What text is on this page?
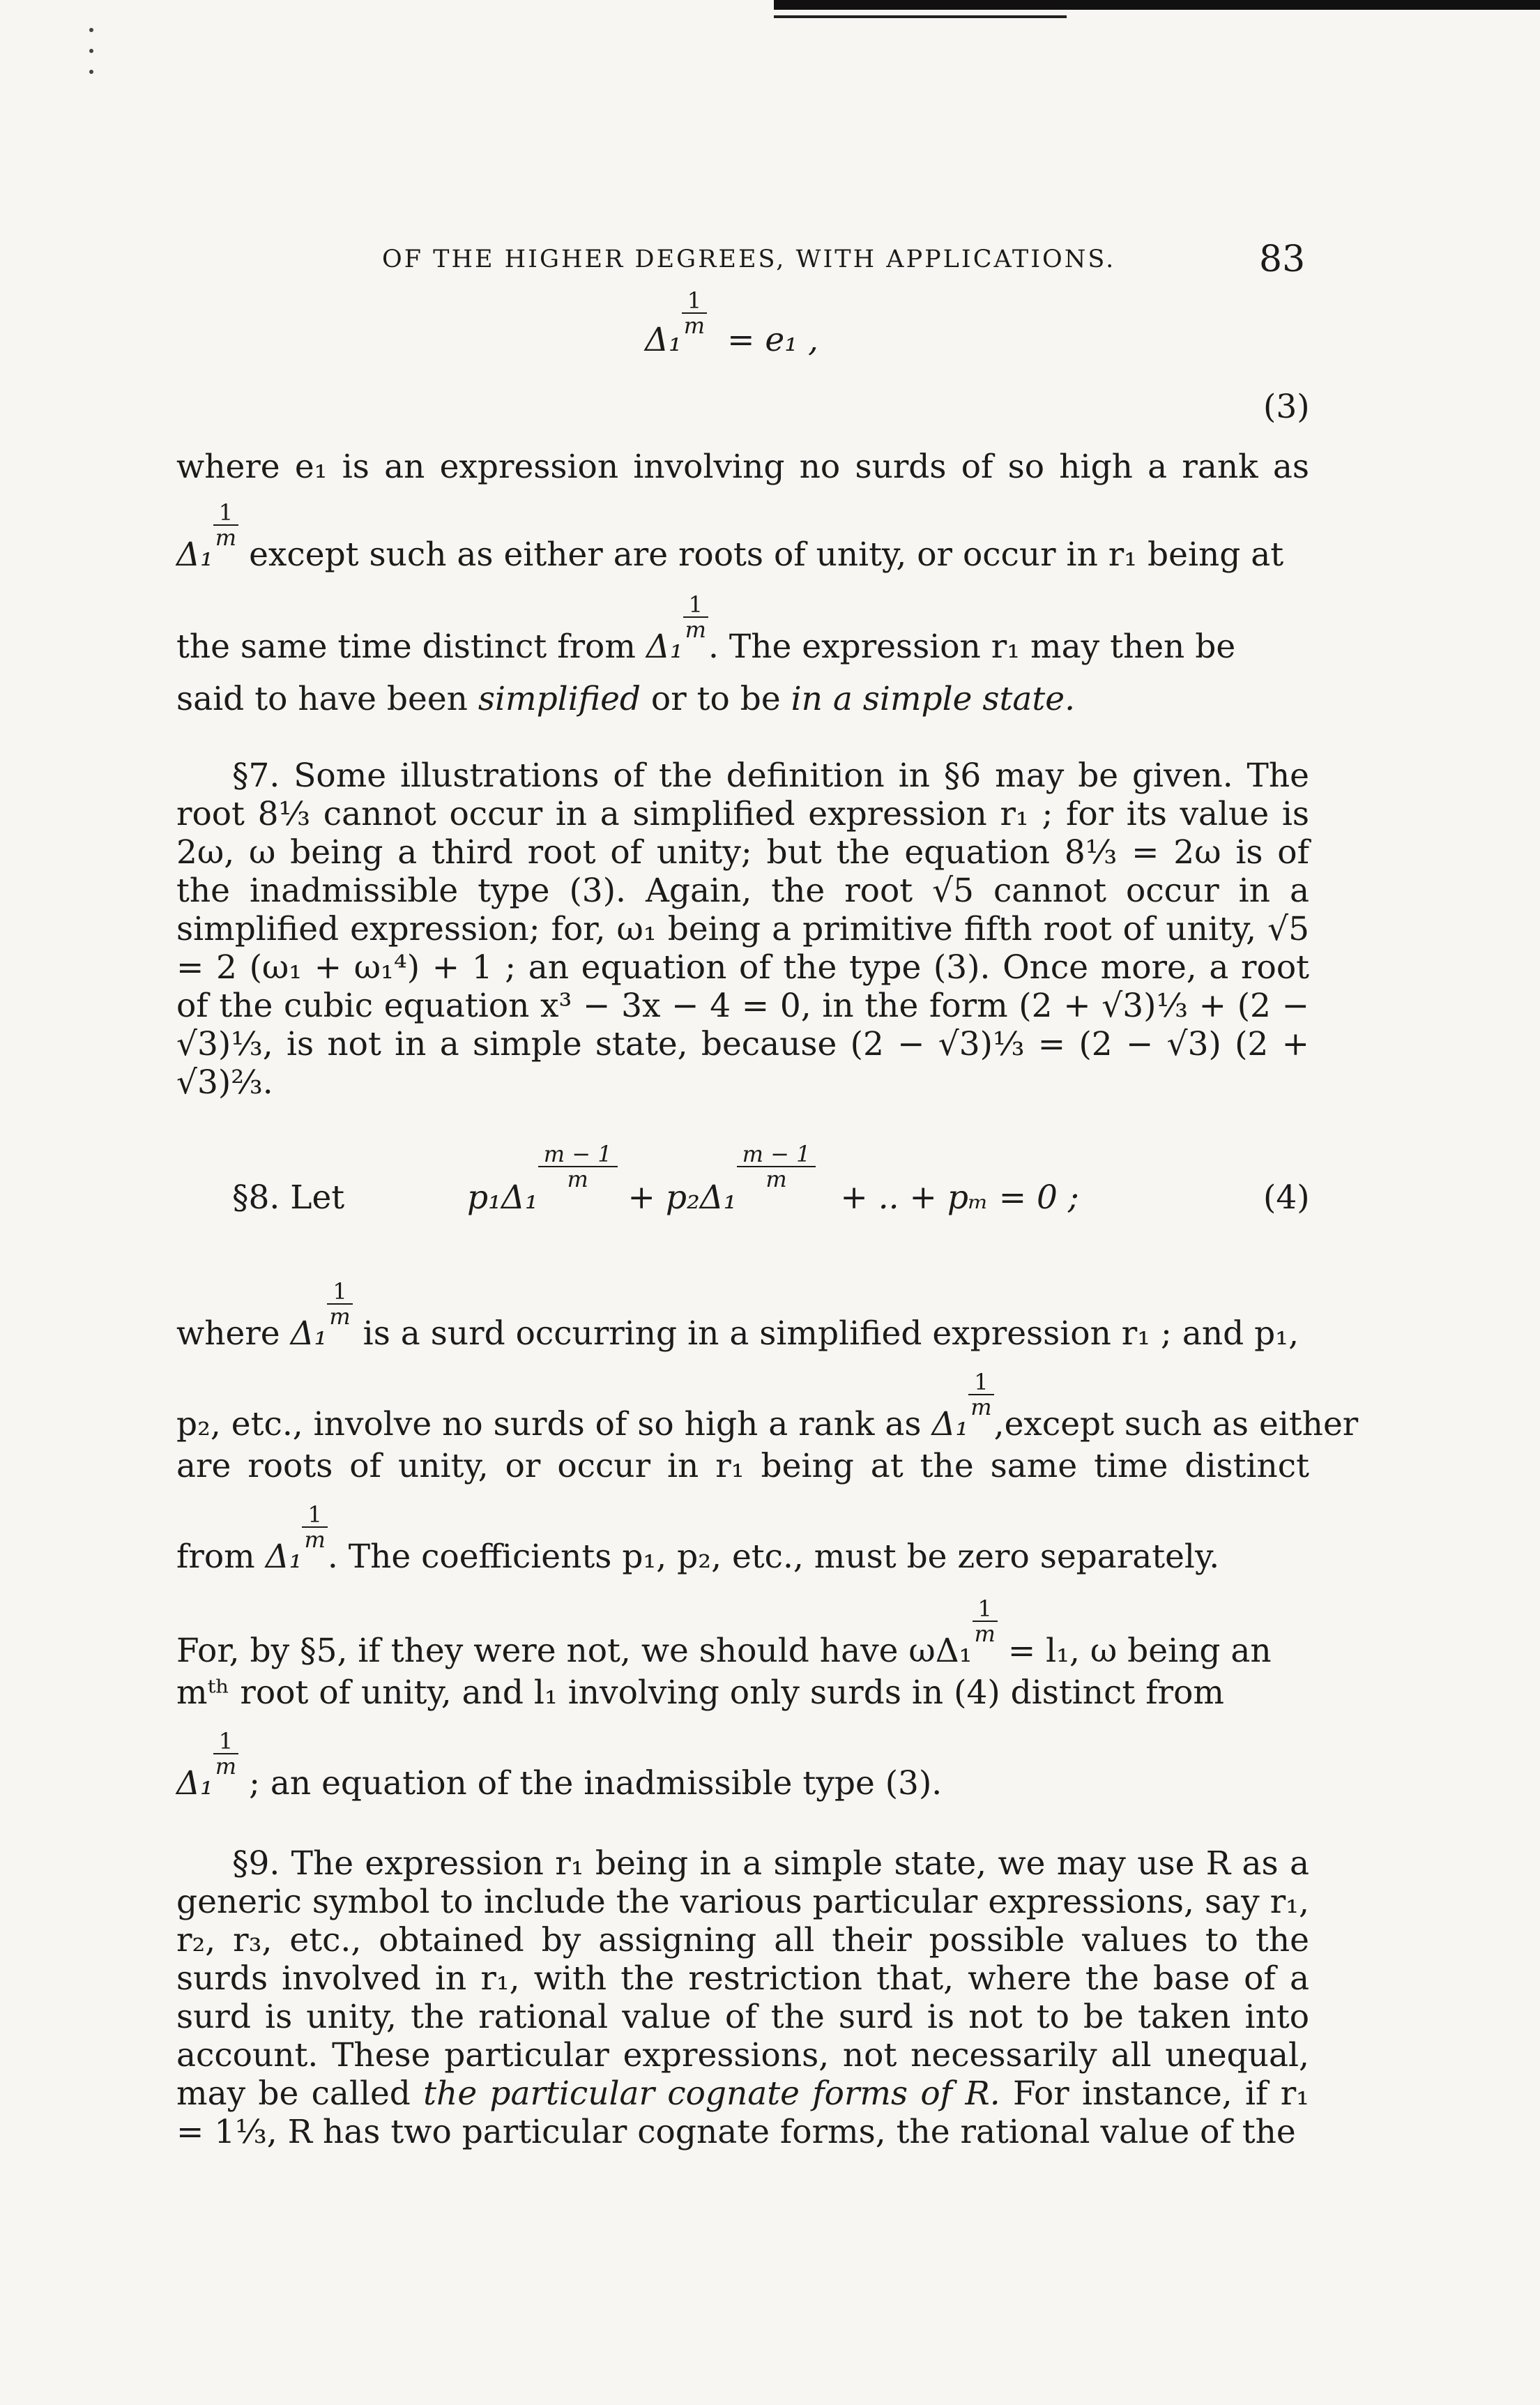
OF THE HIGHER DEGREES, WITH APPLICATIONS.	83
Δ₁
$\frac{1}{m}$
= e₁ ,
(3)
where e₁ is an expression involving no surds of so high a rank as
Δ₁
$\frac{1}{m}$
except such as either are roots of unity, or occur in r₁ being at
the same time distinct from Δ₁
$\frac{1}{m}$
. The expression r₁ may then be
said to have been simplified or to be in a simple state.
§7. Some illustrations of the definition in §6 may be given. The root 8⅓ cannot occur in a simplified expression r₁ ; for its value is 2ω, ω being a third root of unity; but the equation 8⅓ = 2ω is of the inadmissible type (3). Again, the root √5 cannot occur in a simplified expression; for, ω₁ being a primitive fifth root of unity, √5 = 2 (ω₁ + ω₁⁴) + 1 ; an equation of the type (3). Once more, a root of the cubic equation x³ − 3x − 4 = 0, in the form (2 + √3)⅓ + (2 − √3)⅓, is not in a simple state, because (2 − √3)⅓ = (2 − √3) (2 + √3)⅔.
§8. Let	p₁Δ₁
$\frac{m - 1}{m}$
+ p₂Δ₁
$\frac{m - 1}{m}$
+ .. + pₘ = 0 ;	(4)
where Δ₁
$\frac{1}{m}$
is a surd occurring in a simplified expression r₁ ; and p₁,
p₂, etc., involve no surds of so high a rank as Δ₁
$\frac{1}{m}$
,except such as either
are roots of unity, or occur in r₁ being at the same time distinct
from Δ₁
$\frac{1}{m}$
. The coefficients p₁, p₂, etc., must be zero separately.
For, by §5, if they were not, we should have ωΔ₁
$\frac{1}{m}$
= l₁, ω being an
mᵗʰ root of unity, and l₁ involving only surds in (4) distinct from
Δ₁
$\frac{1}{m}$
; an equation of the inadmissible type (3).
§9. The expression r₁ being in a simple state, we may use R as a generic symbol to include the various particular expressions, say r₁, r₂, r₃, etc., obtained by assigning all their possible values to the surds involved in r₁, with the restriction that, where the base of a surd is unity, the rational value of the surd is not to be taken into account. These particular expressions, not necessarily all unequal, may be called the particular cognate forms of R. For instance, if r₁ = 1⅓, R has two particular cognate forms, the rational value of the
